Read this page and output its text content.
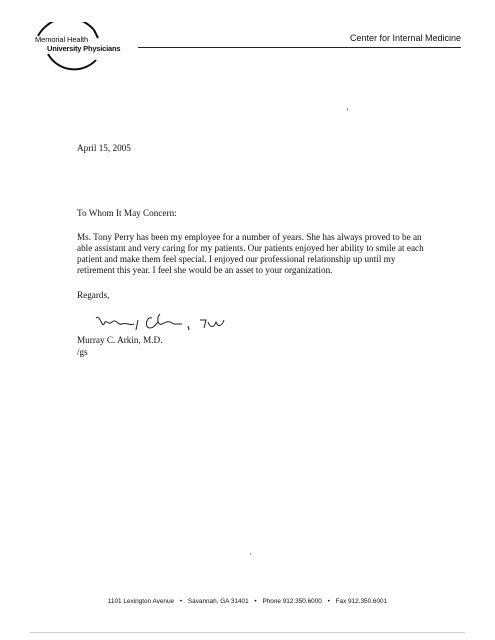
Memorial Health
University Physicians
Center for Internal Medicine
April 15, 2005
To Whom It May Concern:
Ms. Tony Perry has been my employee for a number of years. She has always proved to be an able assistant and very caring for my patients. Our patients enjoyed her ability to smile at each patient and make them feel special. I enjoyed our professional relationship up until my retirement this year. I feel she would be an asset to your organization.
Regards,
Murray C. Arkin, M.D.
/gs
1101 Lexington Avenue • Savannah, GA 31401 • Phone 912.350.6000 • Fax 912.350.6001
